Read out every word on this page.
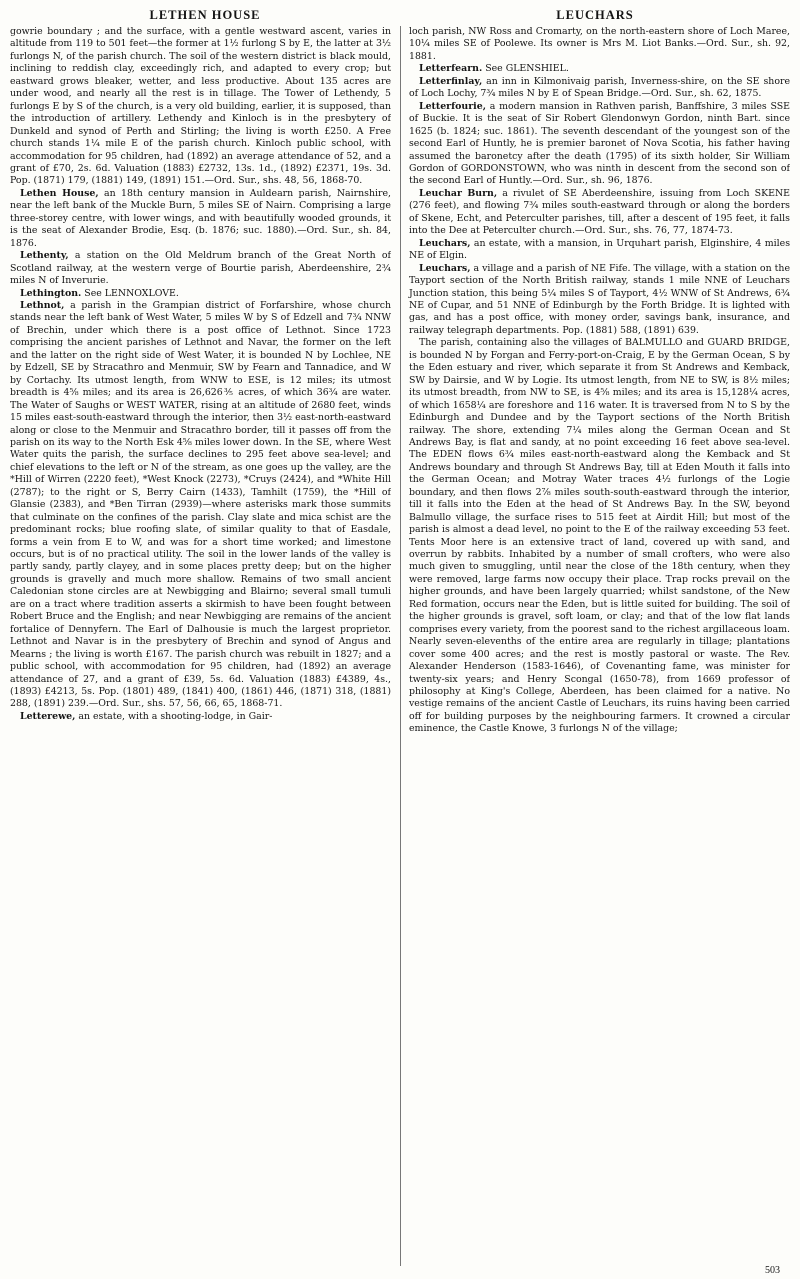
LETHEN HOUSE	LEUCHARS

gowrie boundary ; and the surface, with a gentle westward ascent, varies in altitude from 119 to 501 feet—the former at 1½ furlong S by E, the latter at 3½ furlongs N, of the parish church. The soil of the western district is black mould, inclining to reddish clay, exceedingly rich, and adapted to every crop; but eastward grows bleaker, wetter, and less productive. About 135 acres are under wood, and nearly all the rest is in tillage. The Tower of Lethendy, 5 furlongs E by S of the church, is a very old building, earlier, it is supposed, than the introduction of artillery. Lethendy and Kinloch is in the presbytery of Dunkeld and synod of Perth and Stirling; the living is worth £250. A Free church stands 1¼ mile E of the parish church. Kinloch public school, with accommodation for 95 children, had (1892) an average attendance of 52, and a grant of £70, 2s. 6d. Valuation (1883) £2732, 13s. 1d., (1892) £2371, 19s. 3d. Pop. (1871) 179, (1881) 149, (1891) 151.—Ord. Sur., shs. 48, 56, 1868-70.

Lethen House, an 18th century mansion in Auldearn parish, Nairnshire, near the left bank of the Muckle Burn, 5 miles SE of Nairn. Comprising a large three-storey centre, with lower wings, and with beautifully wooded grounds, it is the seat of Alexander Brodie, Esq. (b. 1876; suc. 1880).—Ord. Sur., sh. 84, 1876.

Lethenty, a station on the Old Meldrum branch of the Great North of Scotland railway, at the western verge of Bourtie parish, Aberdeenshire, 2¾ miles N of Inverurie.

Lethington. See LENNOXLOVE.

Lethnot, a parish in the Grampian district of Forfarshire, whose church stands near the left bank of West Water, 5 miles W by S of Edzell and 7¾ NNW of Brechin, under which there is a post office of Lethnot. Since 1723 comprising the ancient parishes of Lethnot and Navar, the former on the left and the latter on the right side of West Water, it is bounded N by Lochlee, NE by Edzell, SE by Stracathro and Menmuir, SW by Fearn and Tannadice, and W by Cortachy. Its utmost length, from WNW to ESE, is 12 miles; its utmost breadth is 4⅝ miles; and its area is 26,626⅗ acres, of which 36¾ are water. The Water of Saughs or WEST WATER, rising at an altitude of 2680 feet, winds 15 miles east-south-eastward through the interior, then 3½ east-north-eastward along or close to the Menmuir and Stracathro border, till it passes off from the parish on its way to the North Esk 4⅝ miles lower down. In the SE, where West Water quits the parish, the surface declines to 295 feet above sea-level; and chief elevations to the left or N of the stream, as one goes up the valley, are the *Hill of Wirren (2220 feet), *West Knock (2273), *Cruys (2424), and *White Hill (2787); to the right or S, Berry Cairn (1433), Tamhilt (1759), the *Hill of Glansie (2383), and *Ben Tirran (2939)—where asterisks mark those summits that culminate on the confines of the parish. Clay slate and mica schist are the predominant rocks; blue roofing slate, of similar quality to that of Easdale, forms a vein from E to W, and was for a short time worked; and limestone occurs, but is of no practical utility. The soil in the lower lands of the valley is partly sandy, partly clayey, and in some places pretty deep; but on the higher grounds is gravelly and much more shallow. Remains of two small ancient Caledonian stone circles are at Newbigging and Blairno; several small tumuli are on a tract where tradition asserts a skirmish to have been fought between Robert Bruce and the English; and near Newbigging are remains of the ancient fortalice of Dennyfern. The Earl of Dalhousie is much the largest proprietor. Lethnot and Navar is in the presbytery of Brechin and synod of Angus and Mearns ; the living is worth £167. The parish church was rebuilt in 1827; and a public school, with accommodation for 95 children, had (1892) an average attendance of 27, and a grant of £39, 5s. 6d. Valuation (1883) £4389, 4s., (1893) £4213, 5s. Pop. (1801) 489, (1841) 400, (1861) 446, (1871) 318, (1881) 288, (1891) 239.—Ord. Sur., shs. 57, 56, 66, 65, 1868-71.

Letterewe, an estate, with a shooting-lodge, in Gair-

loch parish, NW Ross and Cromarty, on the north-eastern shore of Loch Maree, 10¼ miles SE of Poolewe. Its owner is Mrs M. Liot Banks.—Ord. Sur., sh. 92, 1881.

Letterfearn. See GLENSHIEL.

Letterfinlay, an inn in Kilmonivaig parish, Inverness-shire, on the SE shore of Loch Lochy, 7¾ miles N by E of Spean Bridge.—Ord. Sur., sh. 62, 1875.

Letterfourie, a modern mansion in Rathven parish, Banffshire, 3 miles SSE of Buckie. It is the seat of Sir Robert Glendonwyn Gordon, ninth Bart. since 1625 (b. 1824; suc. 1861). The seventh descendant of the youngest son of the second Earl of Huntly, he is premier baronet of Nova Scotia, his father having assumed the baronetcy after the death (1795) of its sixth holder, Sir William Gordon of GORDONSTOWN, who was ninth in descent from the second son of the second Earl of Huntly.—Ord. Sur., sh. 96, 1876.

Leuchar Burn, a rivulet of SE Aberdeenshire, issuing from Loch SKENE (276 feet), and flowing 7¾ miles south-eastward through or along the borders of Skene, Echt, and Peterculter parishes, till, after a descent of 195 feet, it falls into the Dee at Peterculter church.—Ord. Sur., shs. 76, 77, 1874-73.

Leuchars, an estate, with a mansion, in Urquhart parish, Elginshire, 4 miles NE of Elgin.

Leuchars, a village and a parish of NE Fife. The village, with a station on the Tayport section of the North British railway, stands 1 mile NNE of Leuchars Junction station, this being 5¼ miles S of Tayport, 4½ WNW of St Andrews, 6¾ NE of Cupar, and 51 NNE of Edinburgh by the Forth Bridge. It is lighted with gas, and has a post office, with money order, savings bank, insurance, and railway telegraph departments. Pop. (1881) 588, (1891) 639.

The parish, containing also the villages of BALMULLO and GUARD BRIDGE, is bounded N by Forgan and Ferry-port-on-Craig, E by the German Ocean, S by the Eden estuary and river, which separate it from St Andrews and Kemback, SW by Dairsie, and W by Logie. Its utmost length, from NE to SW, is 8½ miles; its utmost breadth, from NW to SE, is 4⅝ miles; and its area is 15,128¼ acres, of which 1658¼ are foreshore and 116 water. It is traversed from N to S by the Edinburgh and Dundee and by the Tayport sections of the North British railway. The shore, extending 7¼ miles along the German Ocean and St Andrews Bay, is flat and sandy, at no point exceeding 16 feet above sea-level. The EDEN flows 6¾ miles east-north-eastward along the Kemback and St Andrews boundary and through St Andrews Bay, till at Eden Mouth it falls into the German Ocean; and Motray Water traces 4½ furlongs of the Logie boundary, and then flows 2⅞ miles south-south-eastward through the interior, till it falls into the Eden at the head of St Andrews Bay. In the SW, beyond Balmullo village, the surface rises to 515 feet at Airdit Hill; but most of the parish is almost a dead level, no point to the E of the railway exceeding 53 feet. Tents Moor here is an extensive tract of land, covered up with sand, and overrun by rabbits. Inhabited by a number of small crofters, who were also much given to smuggling, until near the close of the 18th century, when they were removed, large farms now occupy their place. Trap rocks prevail on the higher grounds, and have been largely quarried; whilst sandstone, of the New Red formation, occurs near the Eden, but is little suited for building. The soil of the higher grounds is gravel, soft loam, or clay; and that of the low flat lands comprises every variety, from the poorest sand to the richest argillaceous loam. Nearly seven-elevenths of the entire area are regularly in tillage; plantations cover some 400 acres; and the rest is mostly pastoral or waste. The Rev. Alexander Henderson (1583-1646), of Covenanting fame, was minister for twenty-six years; and Henry Scongal (1650-78), from 1669 professor of philosophy at King's College, Aberdeen, has been claimed for a native. No vestige remains of the ancient Castle of Leuchars, its ruins having been carried off for building purposes by the neighbouring farmers. It crowned a circular eminence, the Castle Knowe, 3 furlongs N of the village;

503
